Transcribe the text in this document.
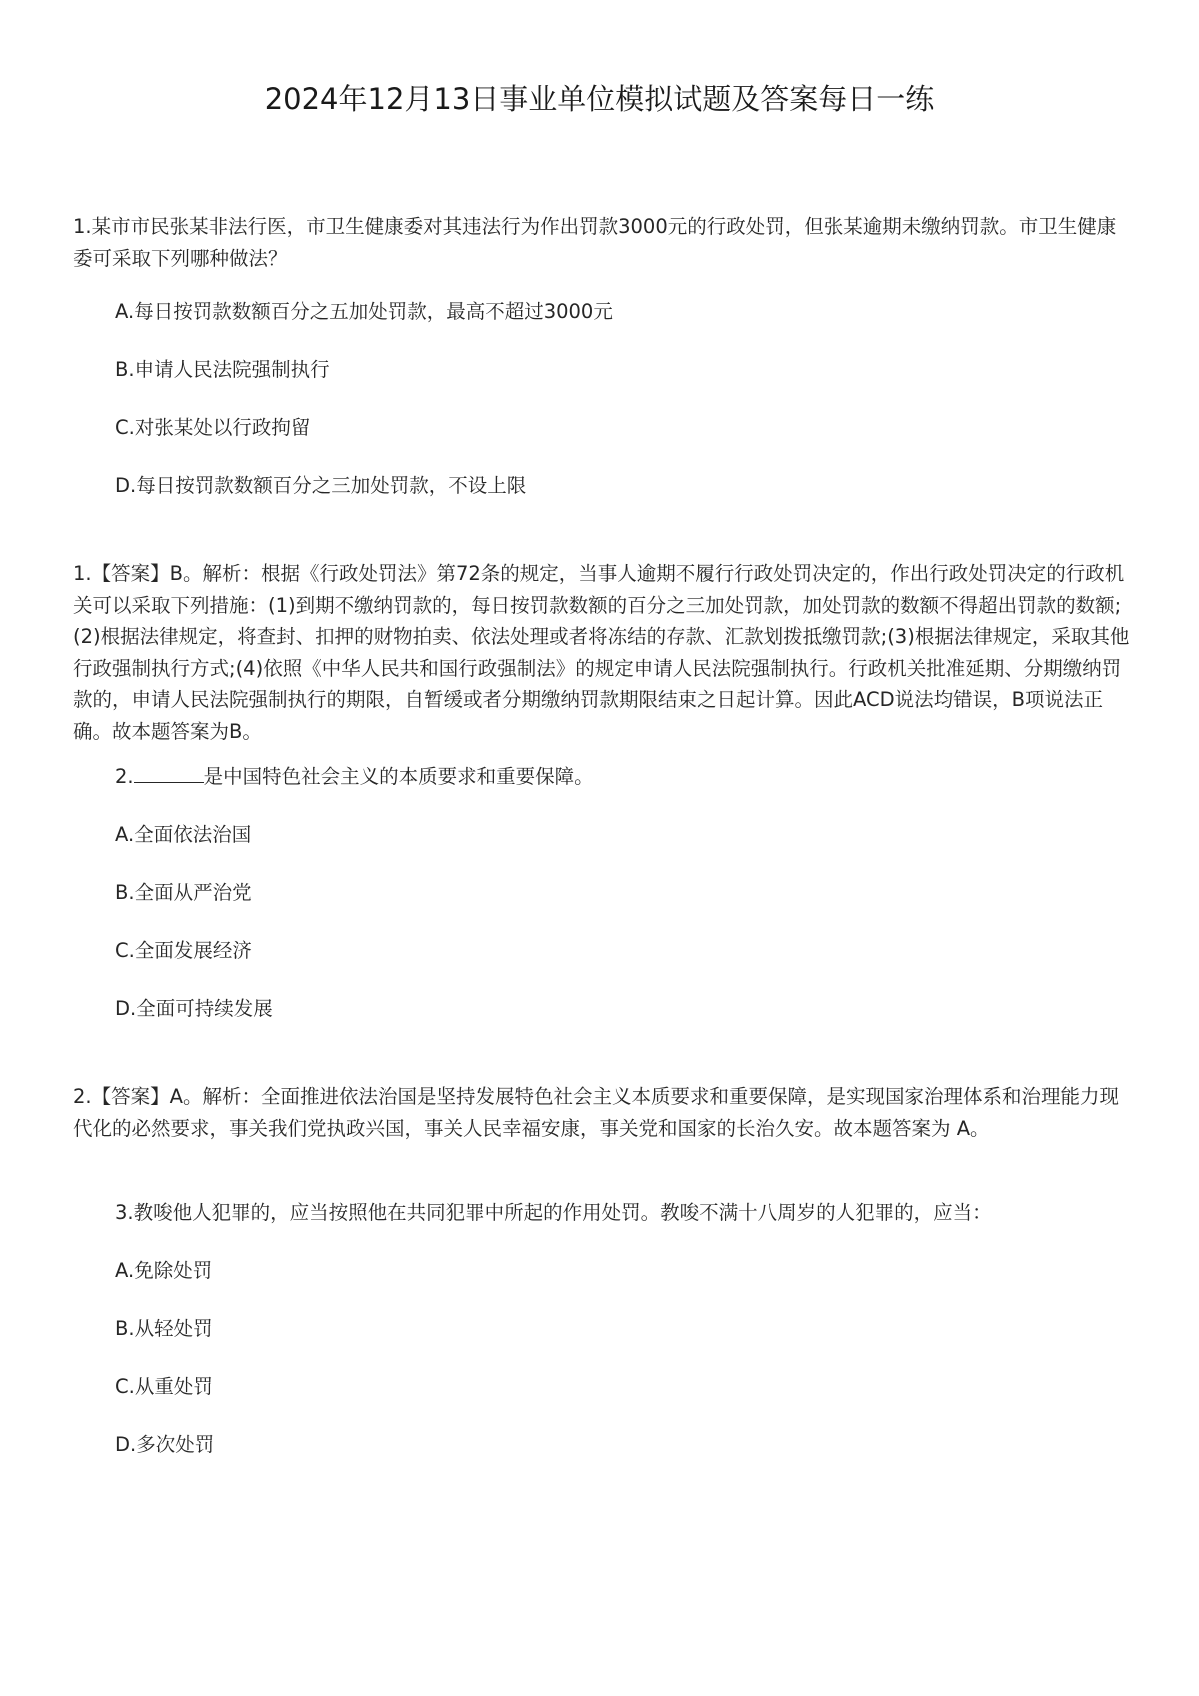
2024年12月13日事业单位模拟试题及答案每日一练

1.某市市民张某非法行医，市卫生健康委对其违法行为作出罚款3000元的行政处罚，但张某逾期未缴纳罚款。市卫生健康委可采取下列哪种做法？

A.每日按罚款数额百分之五加处罚款，最高不超过3000元

B.申请人民法院强制执行

C.对张某处以行政拘留

D.每日按罚款数额百分之三加处罚款，不设上限

1.【答案】B。解析：根据《行政处罚法》第72条的规定，当事人逾期不履行行政处罚决定的，作出行政处罚决定的行政机关可以采取下列措施：(1)到期不缴纳罚款的，每日按罚款数额的百分之三加处罚款，加处罚款的数额不得超出罚款的数额;(2)根据法律规定，将查封、扣押的财物拍卖、依法处理或者将冻结的存款、汇款划拨抵缴罚款;(3)根据法律规定，采取其他行政强制执行方式;(4)依照《中华人民共和国行政强制法》的规定申请人民法院强制执行。行政机关批准延期、分期缴纳罚款的，申请人民法院强制执行的期限，自暂缓或者分期缴纳罚款期限结束之日起计算。因此ACD说法均错误，B项说法正确。故本题答案为B。

2.	是中国特色社会主义的本质要求和重要保障。

A.全面依法治国

B.全面从严治党

C.全面发展经济

D.全面可持续发展

2.【答案】A。解析：全面推进依法治国是坚持发展特色社会主义本质要求和重要保障，是实现国家治理体系和治理能力现代化的必然要求，事关我们党执政兴国，事关人民幸福安康，事关党和国家的长治久安。故本题答案为 A。

3.教唆他人犯罪的，应当按照他在共同犯罪中所起的作用处罚。教唆不满十八周岁的人犯罪的，应当：

A.免除处罚

B.从轻处罚

C.从重处罚

D.多次处罚
